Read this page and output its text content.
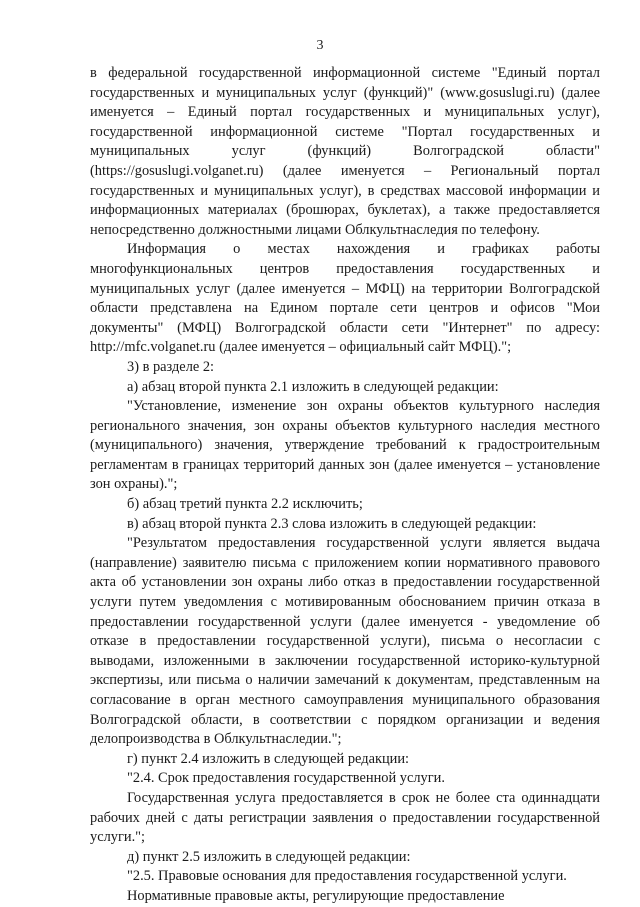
3

в федеральной государственной информационной системе "Единый портал государственных и муниципальных услуг (функций)" (www.gosuslugi.ru) (далее именуется – Единый портал государственных и муниципальных услуг), государственной информационной системе "Портал государственных и муниципальных услуг (функций) Волгоградской области" (https://gosuslugi.volganet.ru) (далее именуется – Региональный портал государственных и муниципальных услуг), в средствах массовой информации и информационных материалах (брошюрах, буклетах), а также предоставляется непосредственно должностными лицами Облкультнаследия по телефону.

Информация о местах нахождения и графиках работы многофункциональных центров предоставления государственных и муниципальных услуг (далее именуется – МФЦ) на территории Волгоградской области представлена на Едином портале сети центров и офисов "Мои документы" (МФЦ) Волгоградской области сети "Интернет" по адресу: http://mfc.volganet.ru (далее именуется – официальный сайт МФЦ).";

3) в разделе 2:

а) абзац второй пункта 2.1 изложить в следующей редакции:

"Установление, изменение зон охраны объектов культурного наследия регионального значения, зон охраны объектов культурного наследия местного (муниципального) значения, утверждение требований к градостроительным регламентам в границах территорий данных зон (далее именуется – установление зон охраны).";

б) абзац третий пункта 2.2 исключить;

в) абзац второй пункта 2.3 слова изложить в следующей редакции:

"Результатом предоставления государственной услуги является выдача (направление) заявителю письма с приложением копии нормативного правового акта об установлении зон охраны либо отказ в предоставлении государственной услуги путем уведомления с мотивированным обоснованием причин отказа в предоставлении государственной услуги (далее именуется - уведомление об отказе в предоставлении государственной услуги), письма о несогласии с выводами, изложенными в заключении государственной историко-культурной экспертизы, или письма о наличии замечаний к документам, представленным на согласование в орган местного самоуправления муниципального образования Волгоградской области, в соответствии с порядком организации и ведения делопроизводства в Облкультнаследии.";

г) пункт 2.4 изложить в следующей редакции:

"2.4. Срок предоставления государственной услуги.

Государственная услуга предоставляется в срок не более ста одиннадцати рабочих дней с даты регистрации заявления о предоставлении государственной услуги.";

д) пункт 2.5 изложить в следующей редакции:

"2.5. Правовые основания для предоставления государственной услуги.

Нормативные правовые акты, регулирующие предоставление
